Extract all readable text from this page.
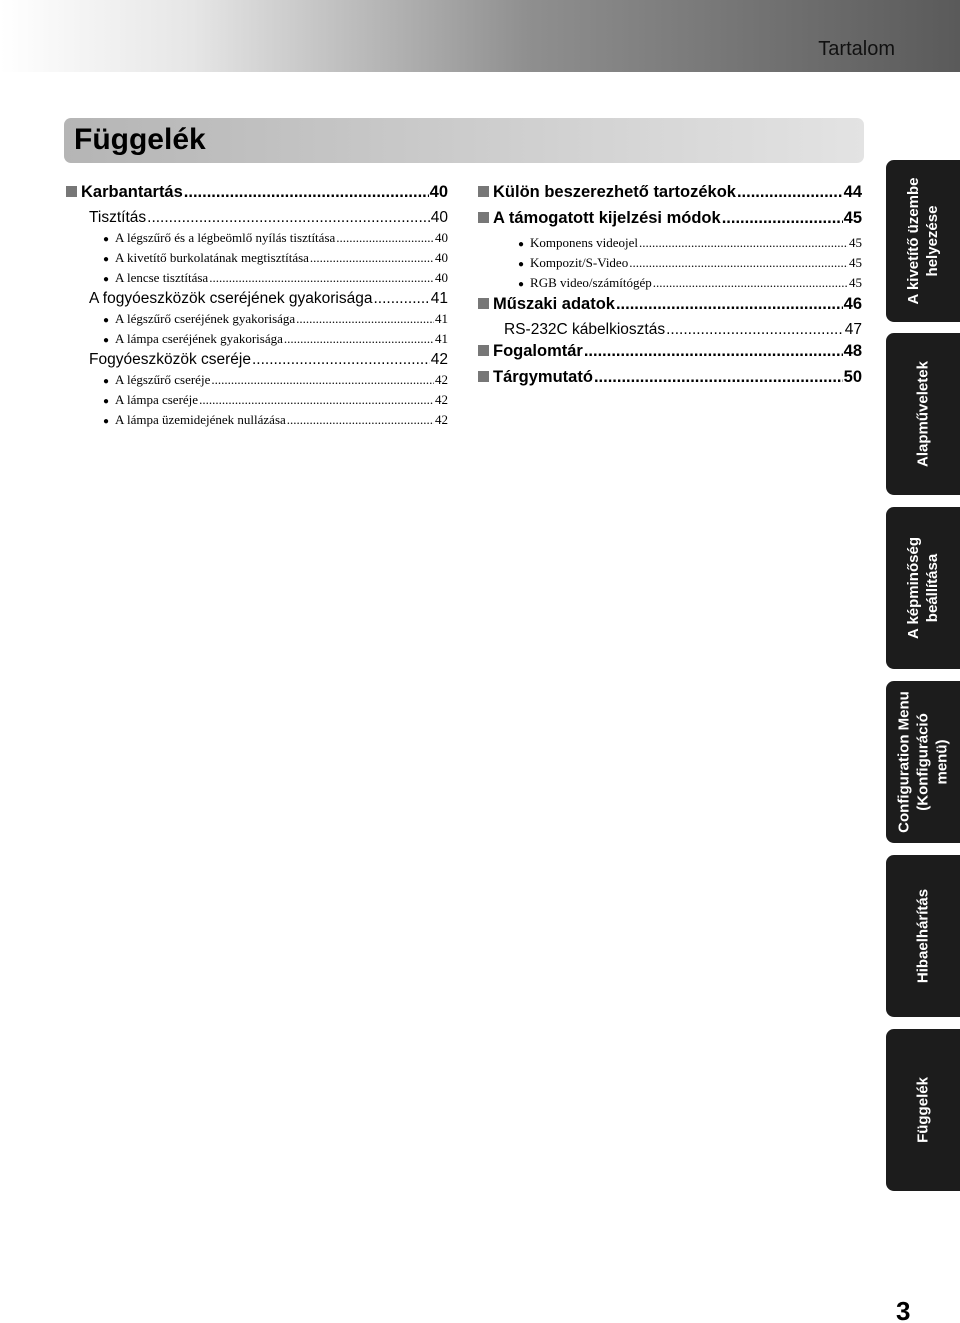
Tartalom
Függelék
Karbantartás .....	40
Tisztítás .....	40
● A légszűrő és a légbeömlő nyílás tisztítása .....	40
● A kivetítő burkolatának megtisztítása .....	40
● A lencse tisztítása .....	40
A fogyóeszközök cseréjének gyakorisága .....	41
● A légszűrő cseréjének gyakorisága .....	41
● A lámpa cseréjének gyakorisága .....	41
Fogyóeszközök cseréje .....	42
● A légszűrő cseréje .....	42
● A lámpa cseréje .....	42
● A lámpa üzemidejének nullázása .....	42
Külön beszerezhető tartozékok .....	44
A támogatott kijelzési módok .....	45
● Komponens videojel .....	45
● Kompozit/S-Video .....	45
● RGB video/számítógép .....	45
Műszaki adatok .....	46
RS-232C kábelkiosztás .....	47
Fogalomtár .....	48
Tárgymutató .....	50
A kivetítő üzembe helyezése
Alapműveletek
A képminőség beállítása
Configuration Menu (Konfiguráció menü)
Hibaelhárítás
Függelék
3
